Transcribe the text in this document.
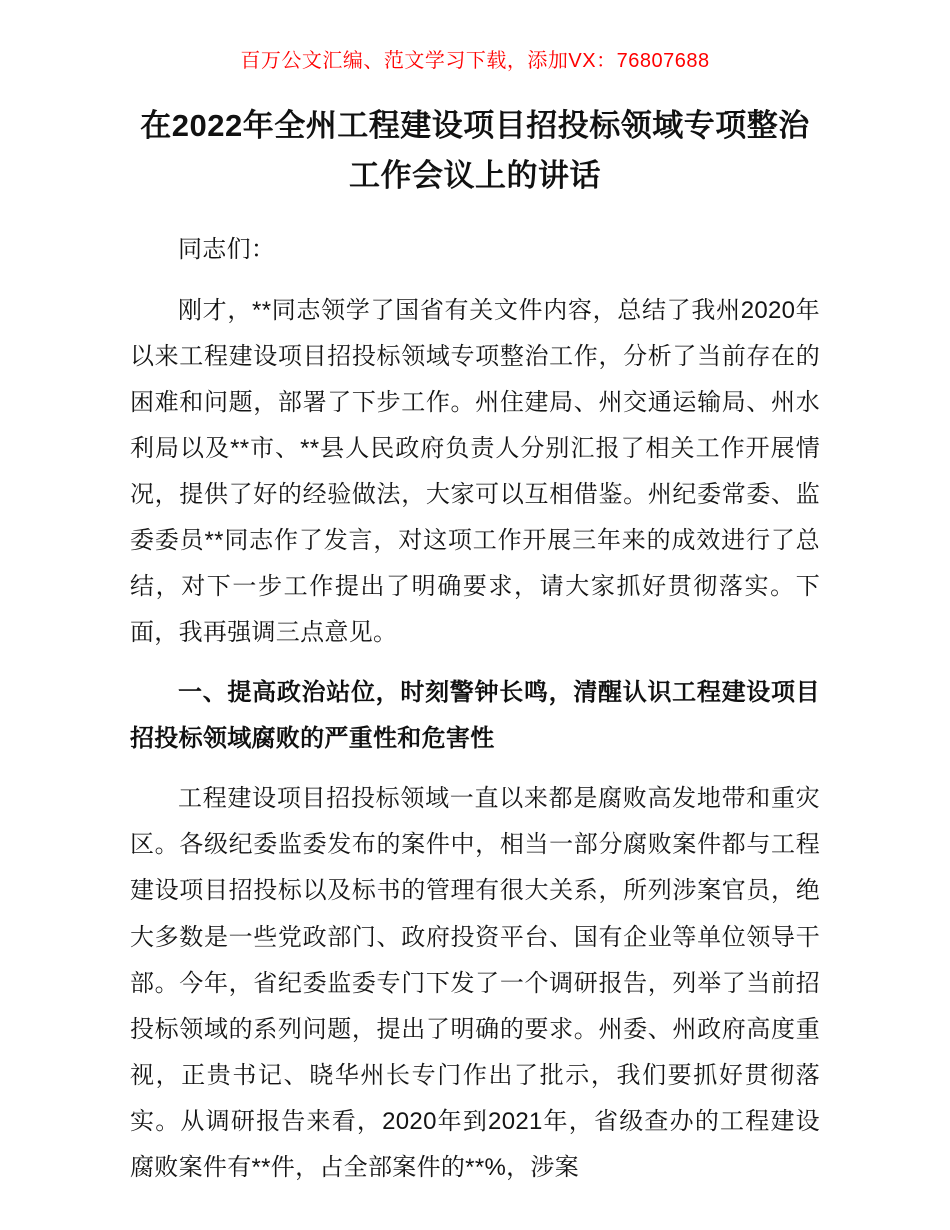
百万公文汇编、范文学习下载，添加VX：76807688
在2022年全州工程建设项目招投标领域专项整治工作会议上的讲话

同志们：

刚才，**同志领学了国省有关文件内容，总结了我州2020年以来工程建设项目招投标领域专项整治工作，分析了当前存在的困难和问题，部署了下步工作。州住建局、州交通运输局、州水利局以及**市、**县人民政府负责人分别汇报了相关工作开展情况，提供了好的经验做法，大家可以互相借鉴。州纪委常委、监委委员**同志作了发言，对这项工作开展三年来的成效进行了总结，对下一步工作提出了明确要求，请大家抓好贯彻落实。下面，我再强调三点意见。

一、提高政治站位，时刻警钟长鸣，清醒认识工程建设项目招投标领域腐败的严重性和危害性

工程建设项目招投标领域一直以来都是腐败高发地带和重灾区。各级纪委监委发布的案件中，相当一部分腐败案件都与工程建设项目招投标以及标书的管理有很大关系，所列涉案官员，绝大多数是一些党政部门、政府投资平台、国有企业等单位领导干部。今年，省纪委监委专门下发了一个调研报告，列举了当前招投标领域的系列问题，提出了明确的要求。州委、州政府高度重视，正贵书记、晓华州长专门作出了批示，我们要抓好贯彻落实。从调研报告来看，2020年到2021年，省级查办的工程建设腐败案件有**件，占全部案件的**%，涉案
